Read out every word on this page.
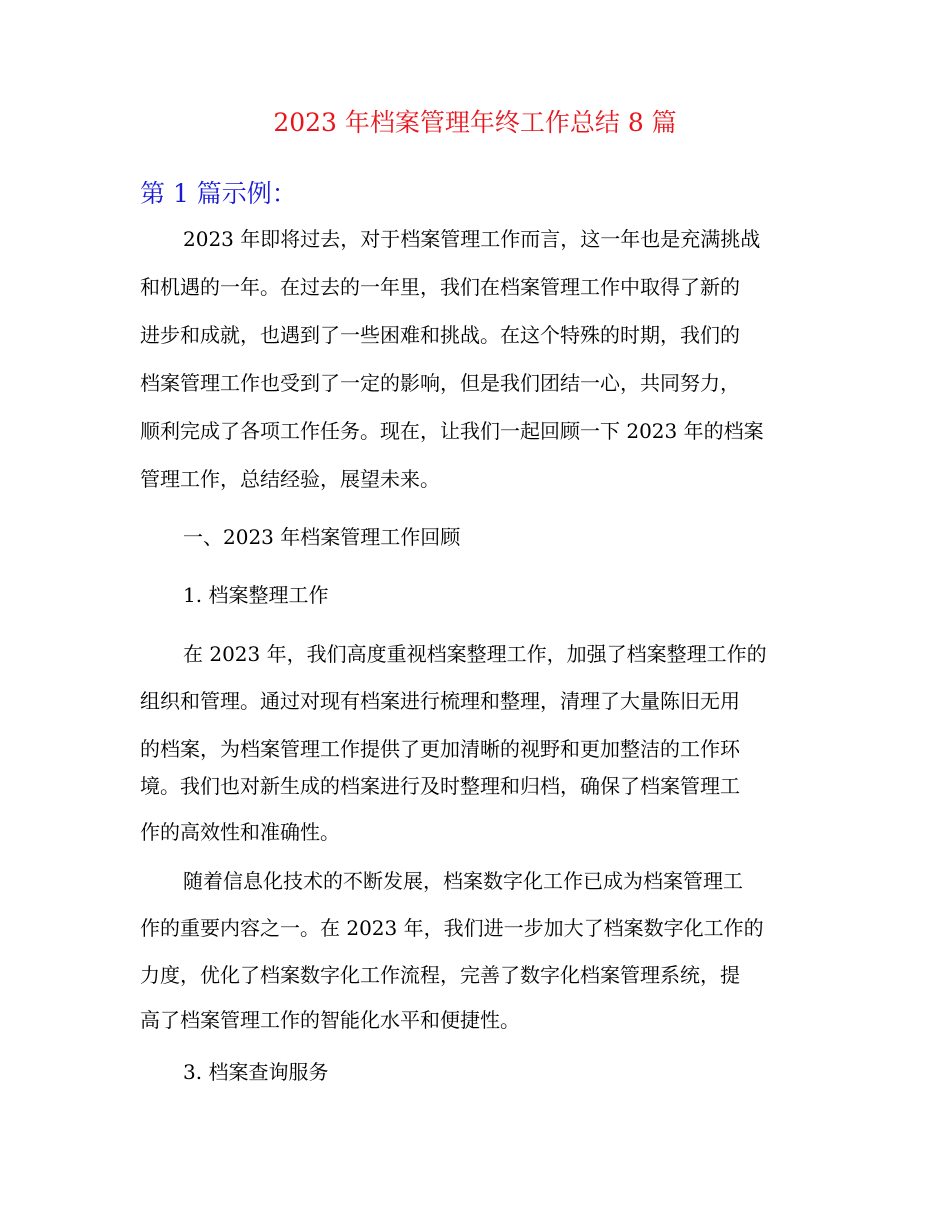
2023 年档案管理年终工作总结 8 篇
第 1 篇示例：
2023 年即将过去，对于档案管理工作而言，这一年也是充满挑战
和机遇的一年。在过去的一年里，我们在档案管理工作中取得了新的
进步和成就，也遇到了一些困难和挑战。在这个特殊的时期，我们的
档案管理工作也受到了一定的影响，但是我们团结一心，共同努力，
顺利完成了各项工作任务。现在，让我们一起回顾一下 2023 年的档案
管理工作，总结经验，展望未来。
一、2023 年档案管理工作回顾
1. 档案整理工作
在 2023 年，我们高度重视档案整理工作，加强了档案整理工作的
组织和管理。通过对现有档案进行梳理和整理，清理了大量陈旧无用
的档案，为档案管理工作提供了更加清晰的视野和更加整洁的工作环
境。我们也对新生成的档案进行及时整理和归档，确保了档案管理工
作的高效性和准确性。
随着信息化技术的不断发展，档案数字化工作已成为档案管理工
作的重要内容之一。在 2023 年，我们进一步加大了档案数字化工作的
力度，优化了档案数字化工作流程，完善了数字化档案管理系统，提
高了档案管理工作的智能化水平和便捷性。
3. 档案查询服务
